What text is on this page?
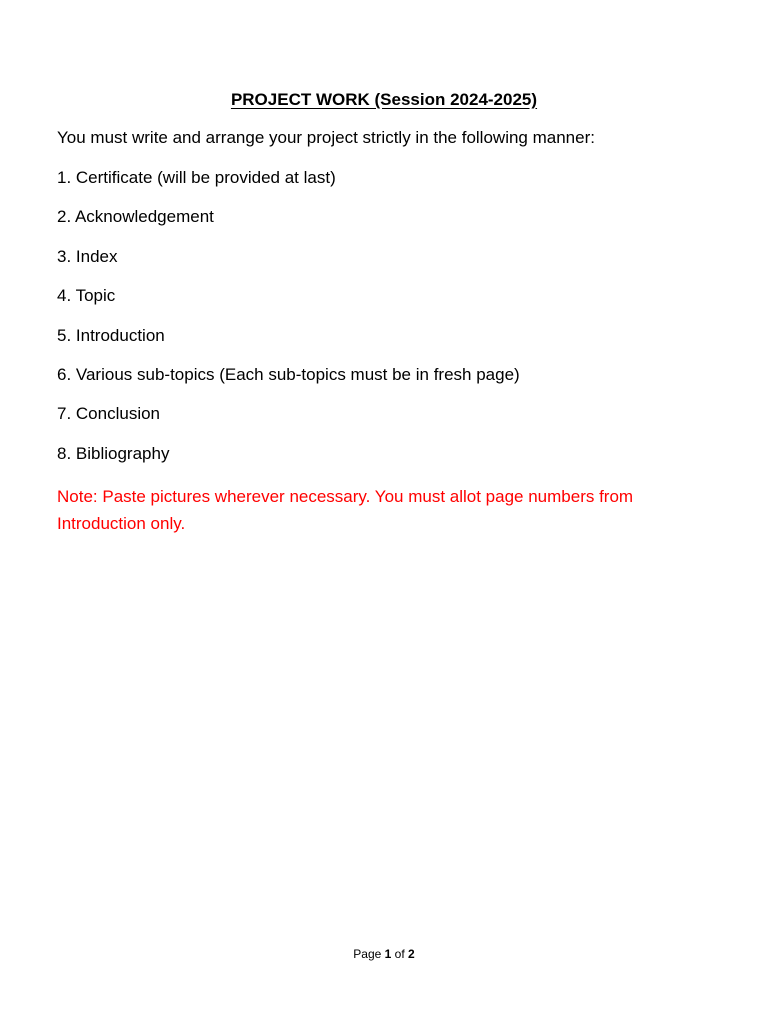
PROJECT WORK (Session 2024-2025)

You must write and arrange your project strictly in the following manner:

1. Certificate (will be provided at last)
2. Acknowledgement
3. Index
4. Topic
5. Introduction
6. Various sub-topics (Each sub-topics must be in fresh page)
7. Conclusion
8. Bibliography

Note: Paste pictures wherever necessary. You must allot page numbers from Introduction only.

Page 1 of 2
